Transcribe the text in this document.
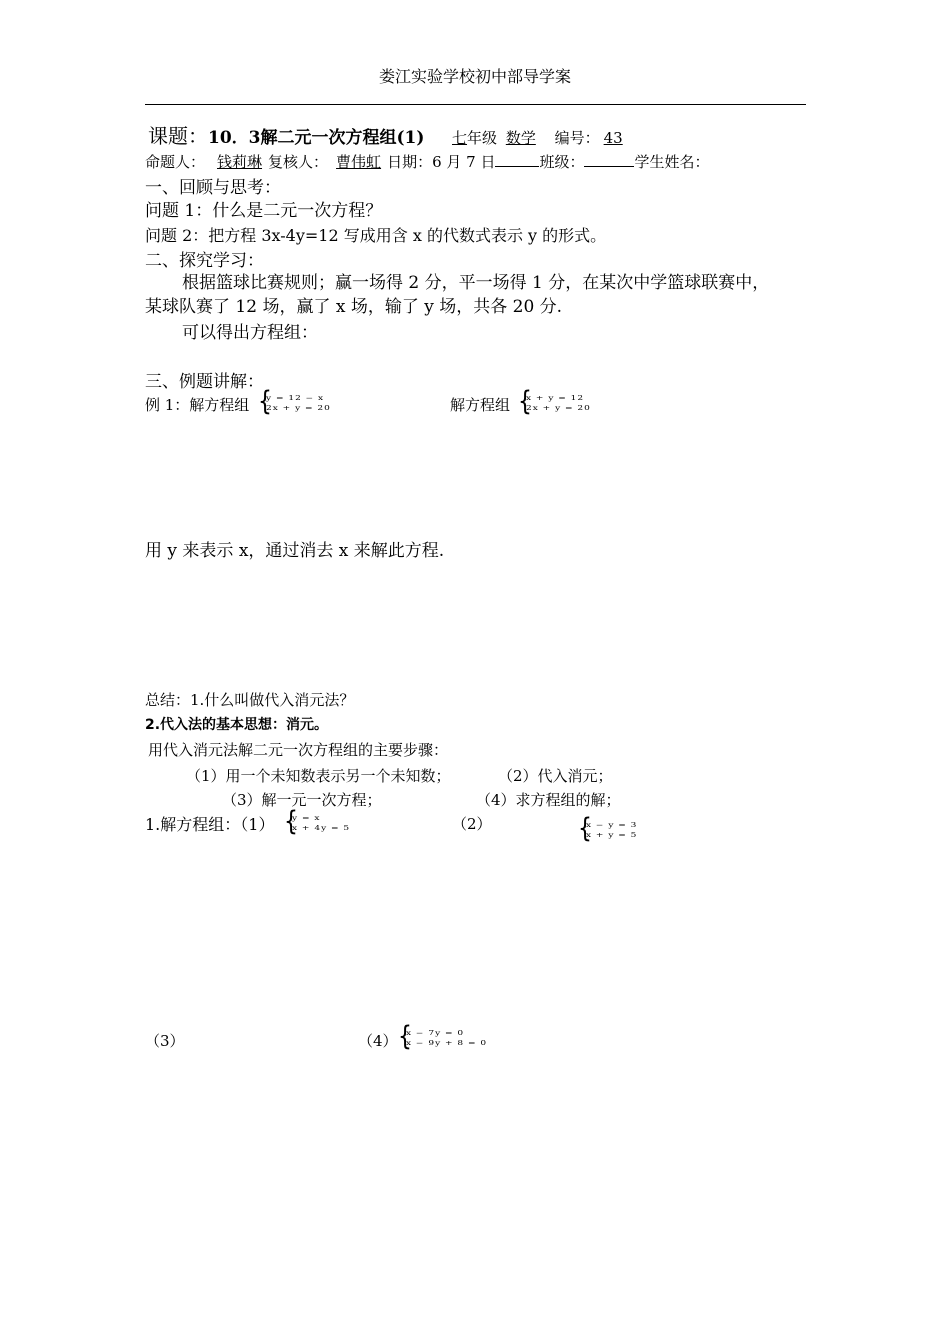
娄江实验学校初中部导学案
课题：10．3解二元一次方程组(1) 七年级 数学 编号： 43
命题人： 钱莉琳 复核人： 曹伟虹 日期：6 月 7 日	班级：	学生姓名：
一、回顾与思考：
问题 1：什么是二元一次方程？
问题 2：把方程 3x-4y=12 写成用含 x 的代数式表示 y 的形式。
二、探究学习：
根据篮球比赛规则；赢一场得 2 分，平一场得 1 分，在某次中学篮球联赛中，
某球队赛了 12 场，赢了 x 场，输了 y 场，共各 20 分.
可以得出方程组：
三、例题讲解：
例 1：解方程组 {
y = 12 − x
2x + y = 20	解方程组 {
x + y = 12
2x + y = 20
用 y 来表示 x，通过消去 x 来解此方程.
总结：1.什么叫做代入消元法？
2.代入法的基本思想：消元。
用代入消元法解二元一次方程组的主要步骤：
（1）用一个未知数表示另一个未知数；	（2）代入消元；
（3）解一元一次方程；	（4）求方程组的解；
1.解方程组：（1） {
y = x
x + 4y = 5	（2）	{
x − y = 3
x + y = 5
（3）	（4） {
x − 7y = 0
x − 9y + 8 = 0
